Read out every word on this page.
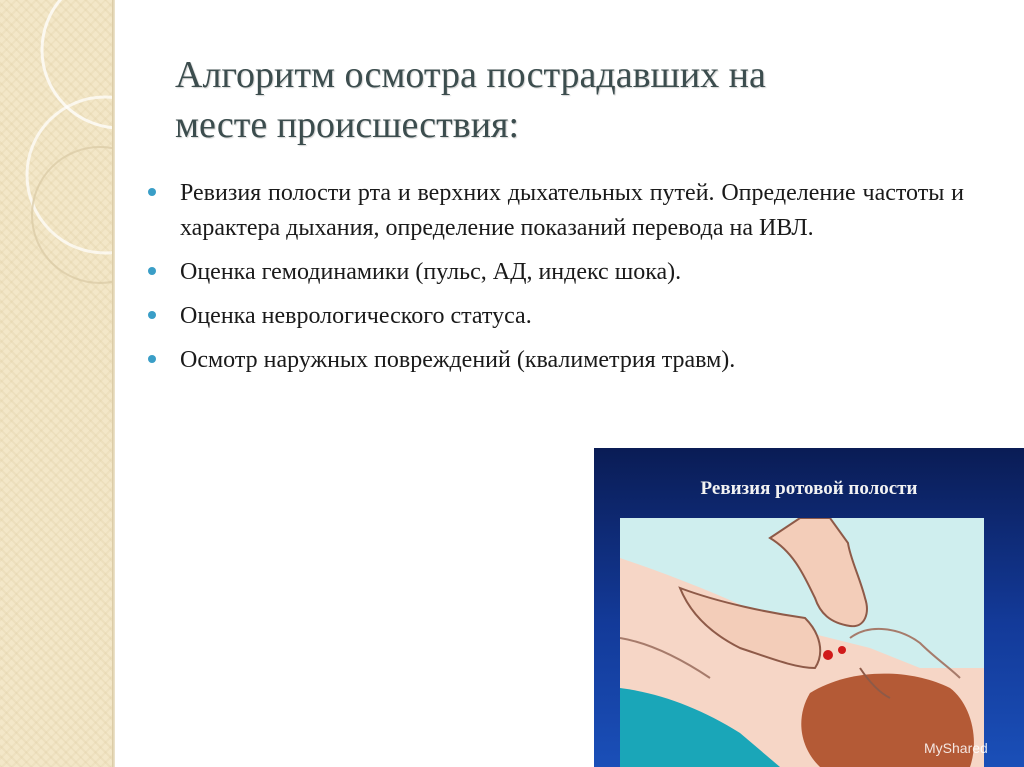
Алгоритм осмотра пострадавших на
месте происшествия:
Ревизия полости рта и верхних дыхательных путей. Определение частоты и характера дыхания, определение показаний перевода на ИВЛ.
Оценка гемодинамики (пульс, АД, индекс шока).
Оценка неврологического статуса.
Осмотр наружных повреждений (квалиметрия травм).
Ревизия ротовой полости
MyShared
